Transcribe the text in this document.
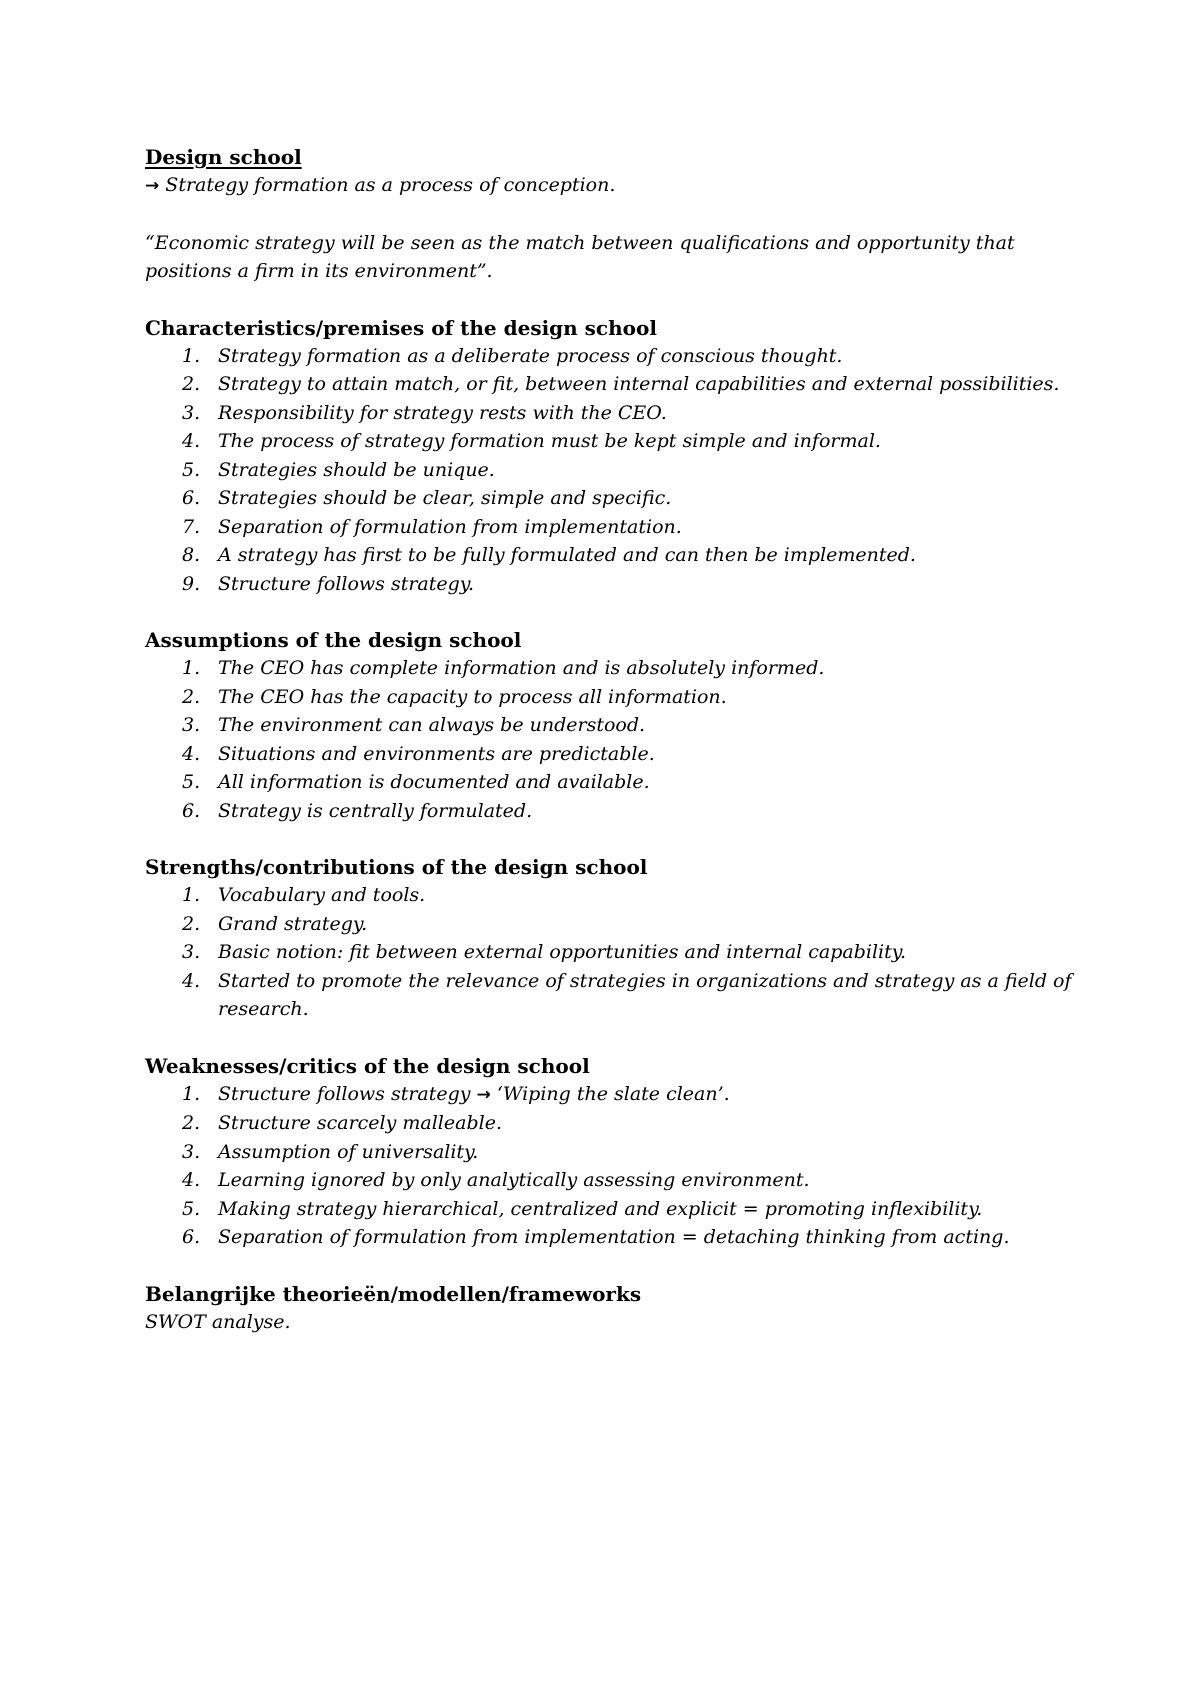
Design school
→ Strategy formation as a process of conception.
“Economic strategy will be seen as the match between qualifications and opportunity that positions a firm in its environment”.
Characteristics/premises of the design school
1. Strategy formation as a deliberate process of conscious thought.
2. Strategy to attain match, or fit, between internal capabilities and external possibilities.
3. Responsibility for strategy rests with the CEO.
4. The process of strategy formation must be kept simple and informal.
5. Strategies should be unique.
6. Strategies should be clear, simple and specific.
7. Separation of formulation from implementation.
8. A strategy has first to be fully formulated and can then be implemented.
9. Structure follows strategy.
Assumptions of the design school
1. The CEO has complete information and is absolutely informed.
2. The CEO has the capacity to process all information.
3. The environment can always be understood.
4. Situations and environments are predictable.
5. All information is documented and available.
6. Strategy is centrally formulated.
Strengths/contributions of the design school
1. Vocabulary and tools.
2. Grand strategy.
3. Basic notion: fit between external opportunities and internal capability.
4. Started to promote the relevance of strategies in organizations and strategy as a field of research.
Weaknesses/critics of the design school
1. Structure follows strategy → ‘Wiping the slate clean’.
2. Structure scarcely malleable.
3. Assumption of universality.
4. Learning ignored by only analytically assessing environment.
5. Making strategy hierarchical, centralized and explicit = promoting inflexibility.
6. Separation of formulation from implementation = detaching thinking from acting.
Belangrijke theorieën/modellen/frameworks
SWOT analyse.
